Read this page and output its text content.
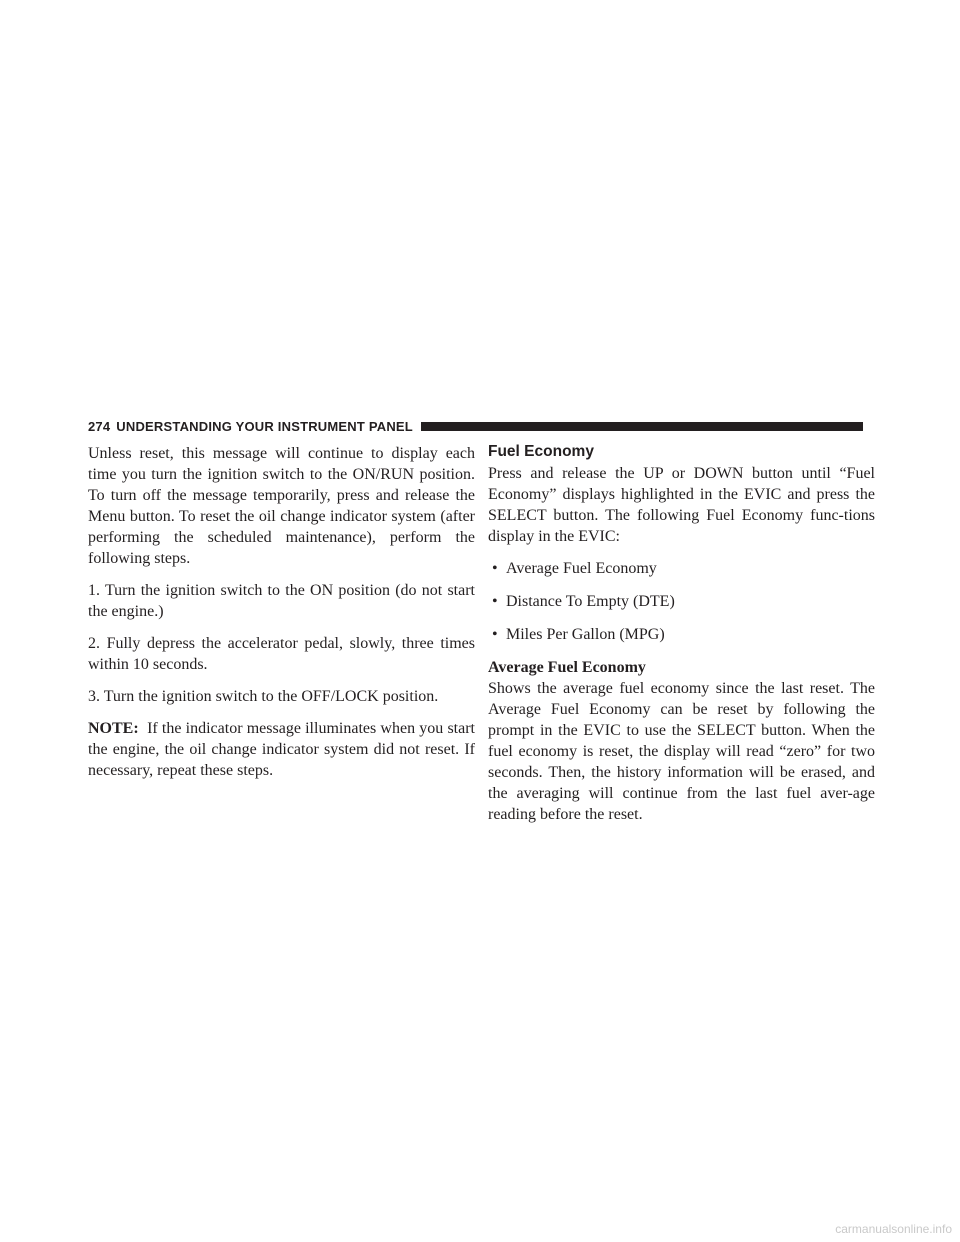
274 UNDERSTANDING YOUR INSTRUMENT PANEL

Unless reset, this message will continue to display each time you turn the ignition switch to the ON/RUN position. To turn off the message temporarily, press and release the Menu button. To reset the oil change indicator system (after performing the scheduled maintenance), perform the following steps.

1. Turn the ignition switch to the ON position (do not start the engine.)

2. Fully depress the accelerator pedal, slowly, three times within 10 seconds.

3. Turn the ignition switch to the OFF/LOCK position.

NOTE: If the indicator message illuminates when you start the engine, the oil change indicator system did not reset. If necessary, repeat these steps.

Fuel Economy

Press and release the UP or DOWN button until “Fuel Economy” displays highlighted in the EVIC and press the SELECT button. The following Fuel Economy func-tions display in the EVIC:

• Average Fuel Economy
• Distance To Empty (DTE)
• Miles Per Gallon (MPG)
Average Fuel Economy

Shows the average fuel economy since the last reset. The Average Fuel Economy can be reset by following the prompt in the EVIC to use the SELECT button. When the fuel economy is reset, the display will read “zero” for two seconds. Then, the history information will be erased, and the averaging will continue from the last fuel aver-age reading before the reset.

carmanualsonline.info
